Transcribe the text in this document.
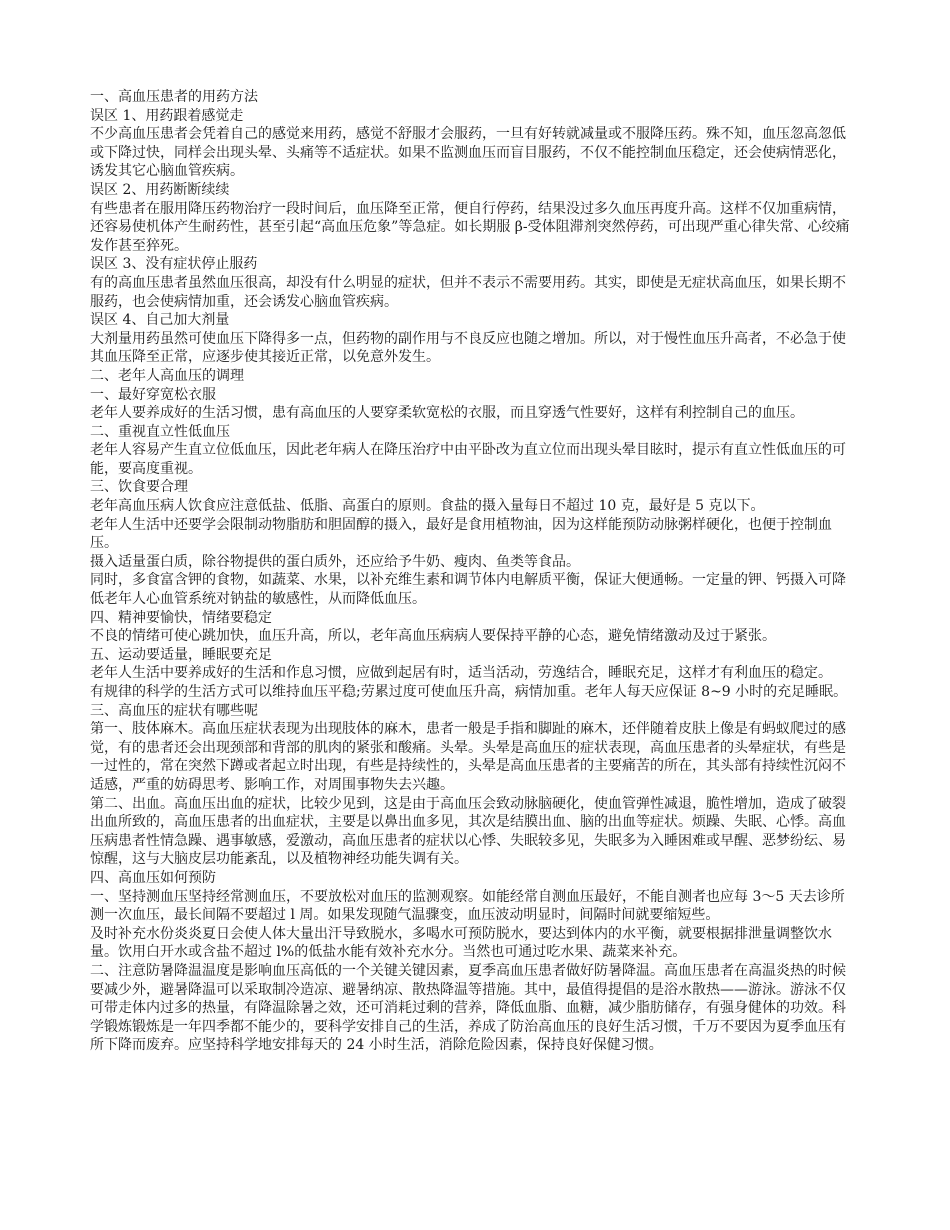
一、高血压患者的用药方法

误区 1、用药跟着感觉走

不少高血压患者会凭着自己的感觉来用药，感觉不舒服才会服药，一旦有好转就减量或不服降压药。殊不知，血压忽高忽低或下降过快，同样会出现头晕、头痛等不适症状。如果不监测血压而盲目服药，不仅不能控制血压稳定，还会使病情恶化，诱发其它心脑血管疾病。

误区 2、用药断断续续

有些患者在服用降压药物治疗一段时间后，血压降至正常，便自行停药，结果没过多久血压再度升高。这样不仅加重病情，还容易使机体产生耐药性，甚至引起“高血压危象”等急症。如长期服 β-受体阻滞剂突然停药，可出现严重心律失常、心绞痛发作甚至猝死。

误区 3、没有症状停止服药

有的高血压患者虽然血压很高，却没有什么明显的症状，但并不表示不需要用药。其实，即使是无症状高血压，如果长期不服药，也会使病情加重，还会诱发心脑血管疾病。

误区 4、自己加大剂量

大剂量用药虽然可使血压下降得多一点，但药物的副作用与不良反应也随之增加。所以，对于慢性血压升高者，不必急于使其血压降至正常，应逐步使其接近正常，以免意外发生。

二、老年人高血压的调理

一、最好穿宽松衣服

老年人要养成好的生活习惯，患有高血压的人要穿柔软宽松的衣服，而且穿透气性要好，这样有利控制自己的血压。

二、重视直立性低血压

老年人容易产生直立位低血压，因此老年病人在降压治疗中由平卧改为直立位而出现头晕目眩时，提示有直立性低血压的可能，要高度重视。

三、饮食要合理

老年高血压病人饮食应注意低盐、低脂、高蛋白的原则。食盐的摄入量每日不超过 10 克，最好是 5 克以下。

老年人生活中还要学会限制动物脂肪和胆固醇的摄入，最好是食用植物油，因为这样能预防动脉粥样硬化，也便于控制血压。

摄入适量蛋白质，除谷物提供的蛋白质外，还应给予牛奶、瘦肉、鱼类等食品。

同时，多食富含钾的食物，如蔬菜、水果，以补充维生素和调节体内电解质平衡，保证大便通畅。一定量的钾、钙摄入可降低老年人心血管系统对钠盐的敏感性，从而降低血压。

四、精神要愉快，情绪要稳定

不良的情绪可使心跳加快，血压升高，所以，老年高血压病病人要保持平静的心态，避免情绪激动及过于紧张。

五、运动要适量，睡眠要充足

老年人生活中要养成好的生活和作息习惯，应做到起居有时，适当活动，劳逸结合，睡眠充足，这样才有利血压的稳定。

有规律的科学的生活方式可以维持血压平稳;劳累过度可使血压升高，病情加重。老年人每天应保证 8~9 小时的充足睡眠。

三、高血压的症状有哪些呢

第一、肢体麻木。高血压症状表现为出现肢体的麻木，患者一般是手指和脚趾的麻木，还伴随着皮肤上像是有蚂蚁爬过的感觉，有的患者还会出现颈部和背部的肌肉的紧张和酸痛。头晕。头晕是高血压的症状表现，高血压患者的头晕症状，有些是一过性的，常在突然下蹲或者起立时出现，有些是持续性的，头晕是高血压患者的主要痛苦的所在，其头部有持续性沉闷不适感，严重的妨碍思考、影响工作，对周围事物失去兴趣。

第二、出血。高血压出血的症状，比较少见到，这是由于高血压会致动脉脑硬化，使血管弹性减退，脆性增加，造成了破裂出血所致的，高血压患者的出血症状，主要是以鼻出血多见，其次是结膜出血、脑的出血等症状。烦躁、失眠、心悸。高血压病患者性情急躁、遇事敏感，爱激动，高血压患者的症状以心悸、失眠较多见，失眠多为入睡困难或早醒、恶梦纷纭、易惊醒，这与大脑皮层功能紊乱，以及植物神经功能失调有关。

四、高血压如何预防

一、坚持测血压坚持经常测血压，不要放松对血压的监测观察。如能经常自测血压最好，不能自测者也应每 3～5 天去诊所测一次血压，最长间隔不要超过 l 周。如果发现随气温骤变，血压波动明显时，间隔时间就要缩短些。

及时补充水份炎炎夏日会使人体大量出汗导致脱水，多喝水可预防脱水，要达到体内的水平衡，就要根据排泄量调整饮水量。饮用白开水或含盐不超过 l%的低盐水能有效补充水分。当然也可通过吃水果、蔬菜来补充。

二、注意防暑降温温度是影响血压高低的一个关键关键因素，夏季高血压患者做好防暑降温。高血压患者在高温炎热的时候要减少外，避暑降温可以采取制冷造凉、避暑纳凉、散热降温等措施。其中，最值得提倡的是浴水散热——游泳。游泳不仅可带走体内过多的热量，有降温除暑之效，还可消耗过剩的营养，降低血脂、血糖，减少脂肪储存，有强身健体的功效。科学锻炼锻炼是一年四季都不能少的，要科学安排自己的生活，养成了防治高血压的良好生活习惯，千万不要因为夏季血压有所下降而废弃。应坚持科学地安排每天的 24 小时生活，消除危险因素，保持良好保健习惯。
